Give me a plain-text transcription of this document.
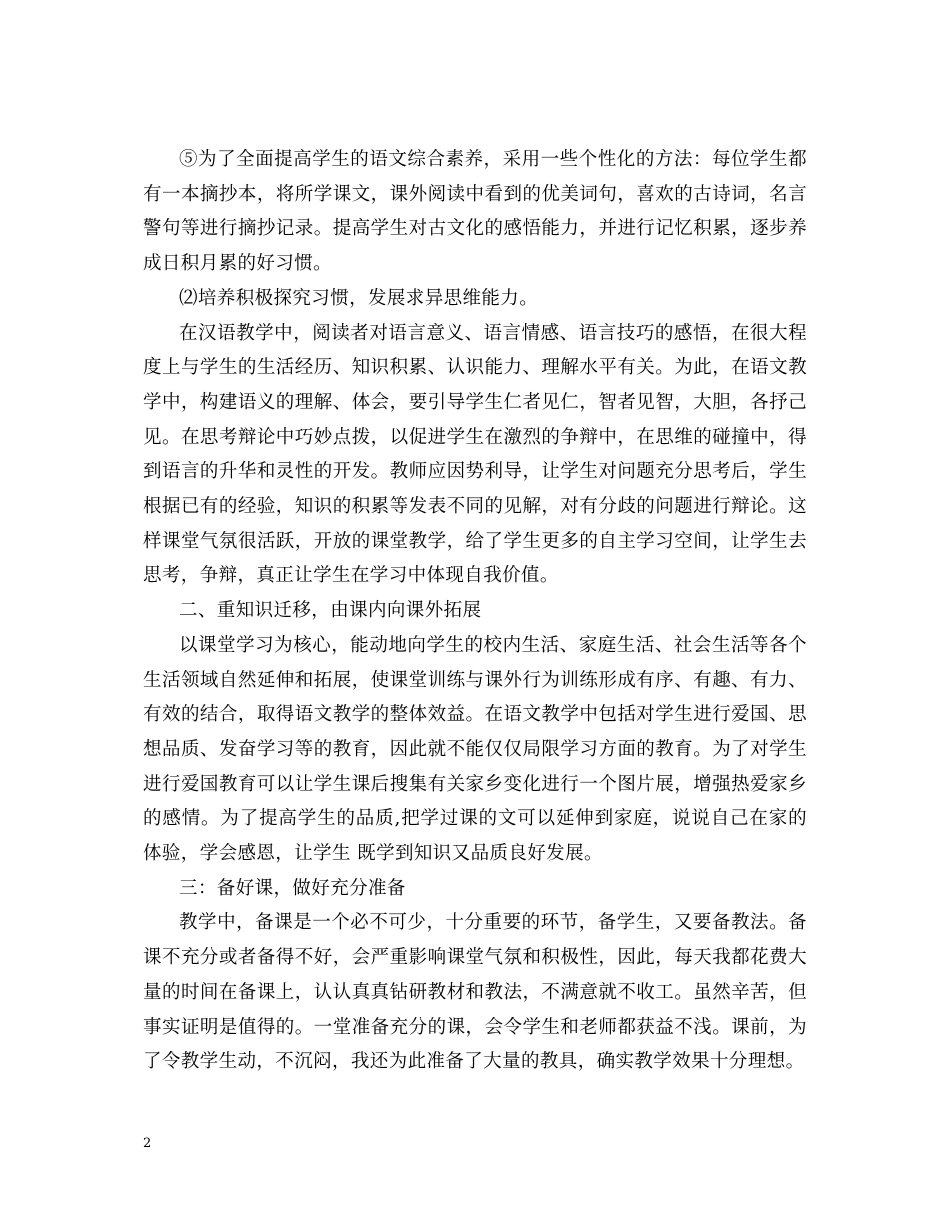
⑤为了全面提高学生的语文综合素养，采用一些个性化的方法：每位学生都有一本摘抄本，将所学课文，课外阅读中看到的优美词句，喜欢的古诗词，名言警句等进行摘抄记录。提高学生对古文化的感悟能力，并进行记忆积累，逐步养成日积月累的好习惯。

⑵培养积极探究习惯，发展求异思维能力。

在汉语教学中，阅读者对语言意义、语言情感、语言技巧的感悟，在很大程度上与学生的生活经历、知识积累、认识能力、理解水平有关。为此，在语文教学中，构建语义的理解、体会，要引导学生仁者见仁，智者见智，大胆，各抒己见。在思考辩论中巧妙点拨，以促进学生在激烈的争辩中，在思维的碰撞中，得到语言的升华和灵性的开发。教师应因势利导，让学生对问题充分思考后，学生根据已有的经验，知识的积累等发表不同的见解，对有分歧的问题进行辩论。这样课堂气氛很活跃，开放的课堂教学，给了学生更多的自主学习空间，让学生去思考，争辩，真正让学生在学习中体现自我价值。

二、重知识迁移，由课内向课外拓展

以课堂学习为核心，能动地向学生的校内生活、家庭生活、社会生活等各个生活领域自然延伸和拓展，使课堂训练与课外行为训练形成有序、有趣、有力、有效的结合，取得语文教学的整体效益。在语文教学中包括对学生进行爱国、思想品质、发奋学习等的教育，因此就不能仅仅局限学习方面的教育。为了对学生进行爱国教育可以让学生课后搜集有关家乡变化进行一个图片展，增强热爱家乡的感情。为了提高学生的品质,把学过课的文可以延伸到家庭，说说自己在家的体验，学会感恩，让学生 既学到知识又品质良好发展。

三：备好课，做好充分准备

教学中，备课是一个必不可少，十分重要的环节，备学生，又要备教法。备课不充分或者备得不好，会严重影响课堂气氛和积极性，因此，每天我都花费大量的时间在备课上，认认真真钻研教材和教法，不满意就不收工。虽然辛苦，但事实证明是值得的。一堂准备充分的课，会令学生和老师都获益不浅。课前，为了令教学生动，不沉闷，我还为此准备了大量的教具，确实教学效果十分理想。

2
